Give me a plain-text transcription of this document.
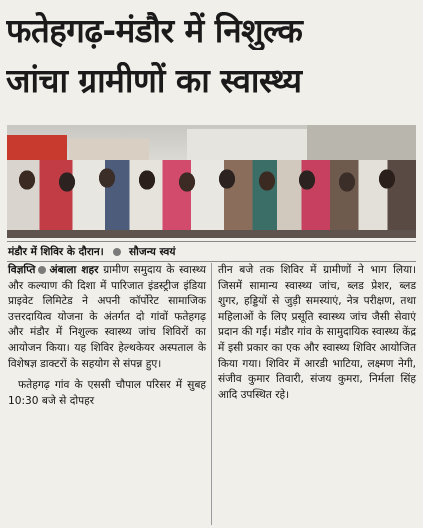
फतेहगढ़-मंडौर में निशुल्क
जांचा ग्रामीणों का स्वास्थ्य
मंडौर में शिविर के दौरान। सौजन्य स्वयं

विज्ञप्ति अंबाला शहर ग्रामीण समुदाय के स्वास्थ्य और कल्याण की दिशा में पारिजात इंडस्ट्रीज इंडिया प्राइवेट लिमिटेड ने अपनी कॉर्पोरेट सामाजिक उत्तरदायित्व योजना के अंतर्गत दो गांवों फतेहगढ़ और मंडौर में निशुल्क स्वास्थ्य जांच शिविरों का आयोजन किया। यह शिविर हेल्थकेयर अस्पताल के विशेषज्ञ डाक्टरों के सहयोग से संपन्न हुए।

फतेहगढ़ गांव के एससी चौपाल परिसर में सुबह 10:30 बजे से दोपहर

तीन बजे तक शिविर में ग्रामीणों ने भाग लिया। जिसमें सामान्य स्वास्थ्य जांच, ब्लड प्रेशर, ब्लड शुगर, हड्डियों से जुड़ी समस्याएं, नेत्र परीक्षण, तथा महिलाओं के लिए प्रसूति स्वास्थ्य जांच जैसी सेवाएं प्रदान की गईं। मंडौर गांव के सामुदायिक स्वास्थ्य केंद्र में इसी प्रकार का एक और स्वास्थ्य शिविर आयोजित किया गया। शिविर में आरडी भाटिया, लक्ष्मण नेगी, संजीव कुमार तिवारी, संजय कुमरा, निर्मला सिंह आदि उपस्थित रहे।
